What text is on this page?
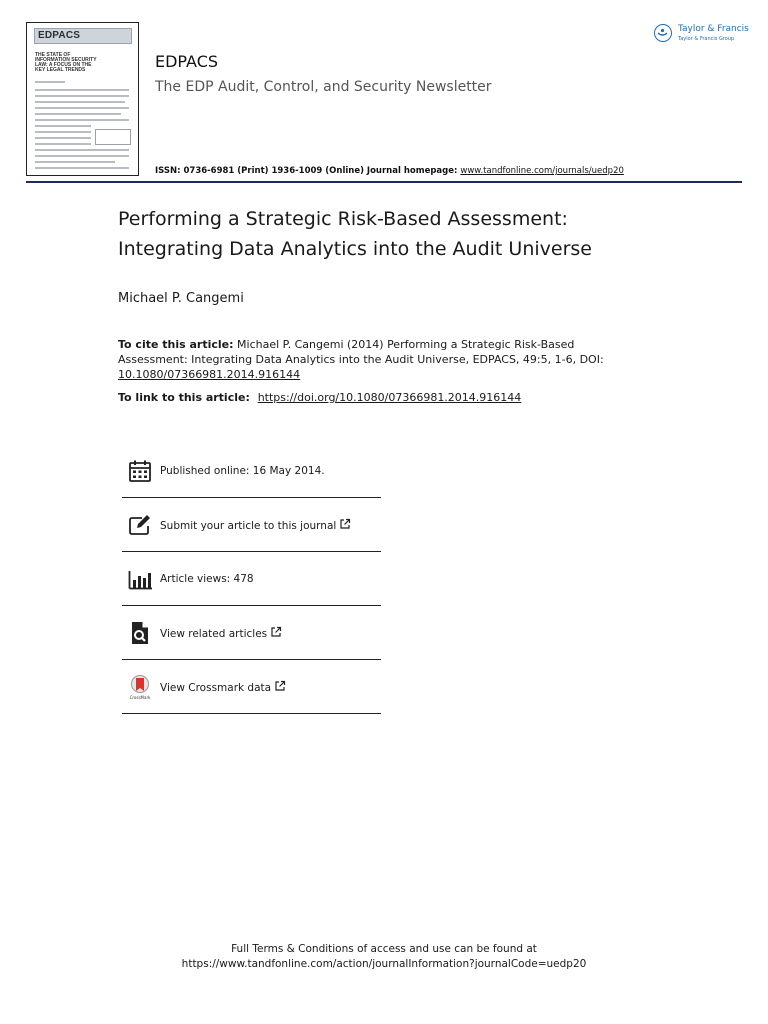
EDPACS
THE STATE OF INFORMATION SECURITY LAW: A FOCUS ON THE KEY LEGAL TRENDS	EDPACS
The EDP Audit, Control, and Security Newsletter
Taylor & Francis
Taylor & Francis Group
ISSN: 0736-6981 (Print) 1936-1009 (Online) Journal homepage: www.tandfonline.com/journals/uedp20
Performing a Strategic Risk-Based Assessment: Integrating Data Analytics into the Audit Universe
Michael P. Cangemi
To cite this article: Michael P. Cangemi (2014) Performing a Strategic Risk-Based Assessment: Integrating Data Analytics into the Audit Universe, EDPACS, 49:5, 1-6, DOI: 10.1080/07366981.2014.916144
To link to this article: https://doi.org/10.1080/07366981.2014.916144
Published online: 16 May 2014.
Submit your article to this journal
Article views: 478
View related articles
CrossMark
View Crossmark data
Full Terms & Conditions of access and use can be found at
https://www.tandfonline.com/action/journalInformation?journalCode=uedp20
